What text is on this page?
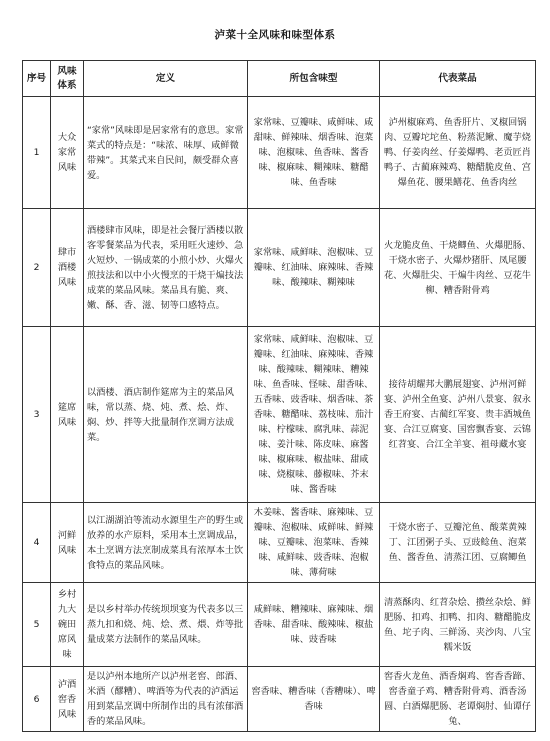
泸菜十全风味和味型体系
序号	风味体系	定义	所包含味型	代表菜品
1	大众家常风味	“家常”风味即是居家常有的意思。家常菜式的特点是：“味浓、味厚、咸鲜微带辣”。其菜式来自民间，颇受群众喜爱。	家常味、豆瓣味、咸鲜味、咸甜味、鲜辣味、烟香味、泡菜味、泡椒味、鱼香味、酱香味、椒麻味、糊辣味、糖醋味、鱼香味	泸州椒麻鸡、鱼香肝片、叉椒回锅肉、豆瓣坨坨鱼、粉蒸泥鳅、魔芋烧鸭、仔姜肉丝、仔姜爆鸭、老贡匠肖鸭子、古蔺麻辣鸡、糖醋脆皮鱼、宫爆鱼花、腰果鳝花、鱼香肉丝
2	肆市酒楼风味	酒楼肆市风味，即是社会餐厅酒楼以散客零餐菜品为代表，采用旺火速炒、急火短炒、一锅成菜的小煎小炒、火爆火煎技法和以中小火慢烹的干烧干煸技法成菜的菜品风味。菜品具有脆、爽、嫩、酥、香、滋、韧等口感特点。	家常味、咸鲜味、泡椒味、豆瓣味、红油味、麻辣味、香辣味、酸辣味、糊辣味	火龙脆皮鱼、干烧鲫鱼、火爆肥肠、干烧水密子、火爆炒猪肝、凤尾腰花、火爆肚尖、干煸牛肉丝、豆花牛柳、糟香附骨鸡
3	筵席风味	以酒楼、酒店制作筵席为主的菜品风味，常以蒸、烧、炖、煮、烩、炸、焖、炒、拌等大批量制作烹调方法成菜。	家常味、咸鲜味、泡椒味、豆瓣味、红油味、麻辣味、香辣味、酸辣味、糊辣味、糟辣味、鱼香味、怪味、甜香味、五香味、豉香味、烟香味、茶香味、糖醋味、荔枝味、茄汁味、柠檬味、腐乳味、蒜泥味、姜汁味、陈皮味、麻酱味、椒麻味、椒盐味、甜咸味、烧椒味、藤椒味、芥末味、酱香味	接待胡耀邦大鹏展翅宴、泸州河鲜宴、泸州全鱼宴、泸州八景宴、叙永香王府宴、古蔺红军宴、贵丰酒城鱼宴、合江豆腐宴、国窖飘香宴、云锦红苕宴、合江全羊宴、祖母藏水宴
4	河鲜风味	以江湖湖泊等流动水源里生产的野生或放养的水产原料，采用本土烹调成品，本土烹调方法烹制成菜具有浓厚本土饮食特点的菜品风味。	木姜味、酱香味、麻辣味、豆瓣味、泡椒味、咸鲜味、鲜辣味、豆瓣味、泡菜味、香辣味、咸鲜味、豉香味、泡椒味、薄荷味	干烧水密子、豆瓣沱鱼、酸菜黄辣丁、江团粥子头、豆豉鲶鱼、泡菜鱼、酱香鱼、清蒸江团、豆腐鲫鱼
5	乡村九大碗田席风味	是以乡村举办传统坝坝宴为代表多以三蒸九扣和烧、炖、烩、煮、煨、炸等批量成菜方法制作的菜品风味。	咸鲜味、糟辣味、麻辣味、烟香味、甜香味、酸辣味、椒盐味、豉香味	清蒸酥肉、红苕杂烩、攒丝杂烩、鲜肥肠、扣鸡、扣鸭、扣肉、糖醋脆皮鱼、坨子肉、三鲜汤、夹沙肉、八宝糯米饭
6	泸酒窖香风味	是以泸州本地所产以泸州老窖、郎酒、米酒（醪糟）、啤酒等为代表的泸酒运用到菜品烹调中所制作出的具有浓郁酒香的菜品风味。	窖香味、糟香味（香糟味）、啤香味	窖香火龙鱼、酒香焖鸡、窖香香蹄、窖香童子鸡、糟香附骨鸡、酒香汤圆、白酒爆肥肠、老谭焖肘、仙谭仔兔、
